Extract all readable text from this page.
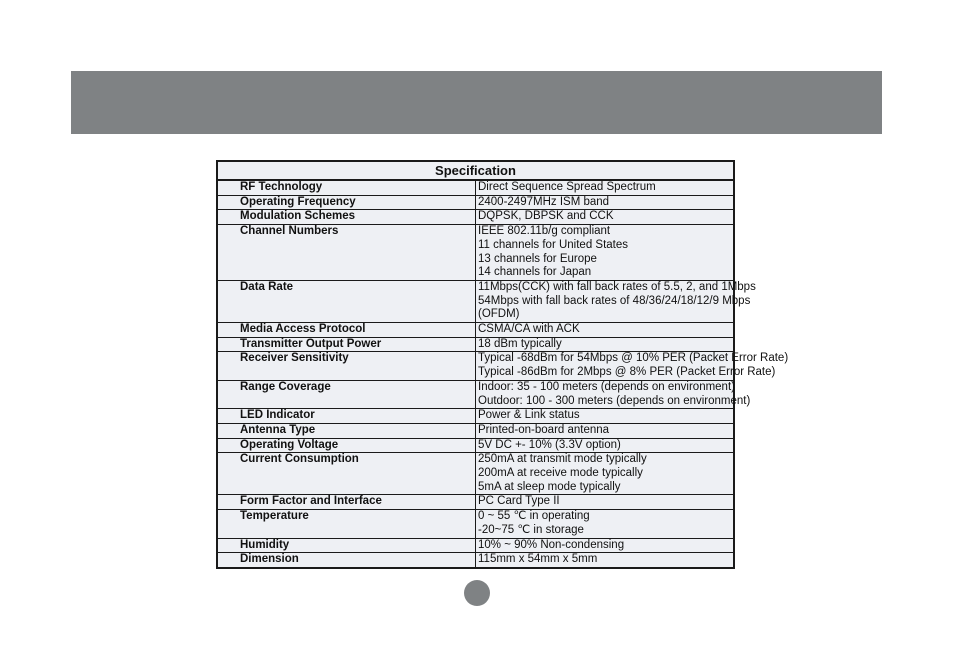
Specification	
RF Technology	Direct Sequence Spread Spectrum

Operating Frequency	2400-2497MHz ISM band

Modulation Schemes	DQPSK, DBPSK and CCK

Channel Numbers	IEEE 802.11b/g compliant
11 channels for United States
13 channels for Europe
14 channels for Japan

Data Rate	11Mbps(CCK) with fall back rates of 5.5, 2, and 1Mbps
54Mbps with fall back rates of 48/36/24/18/12/9 Mbps
(OFDM)

Media Access Protocol	CSMA/CA with ACK

Transmitter Output Power	18 dBm typically

Receiver Sensitivity	Typical -68dBm for 54Mbps @ 10% PER (Packet Error Rate)
Typical -86dBm for 2Mbps @ 8% PER (Packet Error Rate)

Range Coverage	Indoor: 35 - 100 meters (depends on environment)
Outdoor: 100 - 300 meters (depends on environment)

LED Indicator	Power & Link status

Antenna Type	Printed-on-board antenna

Operating Voltage	5V DC +- 10% (3.3V option)

Current Consumption	250mA at transmit mode typically
200mA at receive mode typically
5mA at sleep mode typically

Form Factor and Interface	PC Card Type II

Temperature	0 ~ 55 ℃ in operating
-20~75 ℃ in storage

Humidity	10% ~ 90% Non-condensing

Dimension	115mm x 54mm x 5mm
